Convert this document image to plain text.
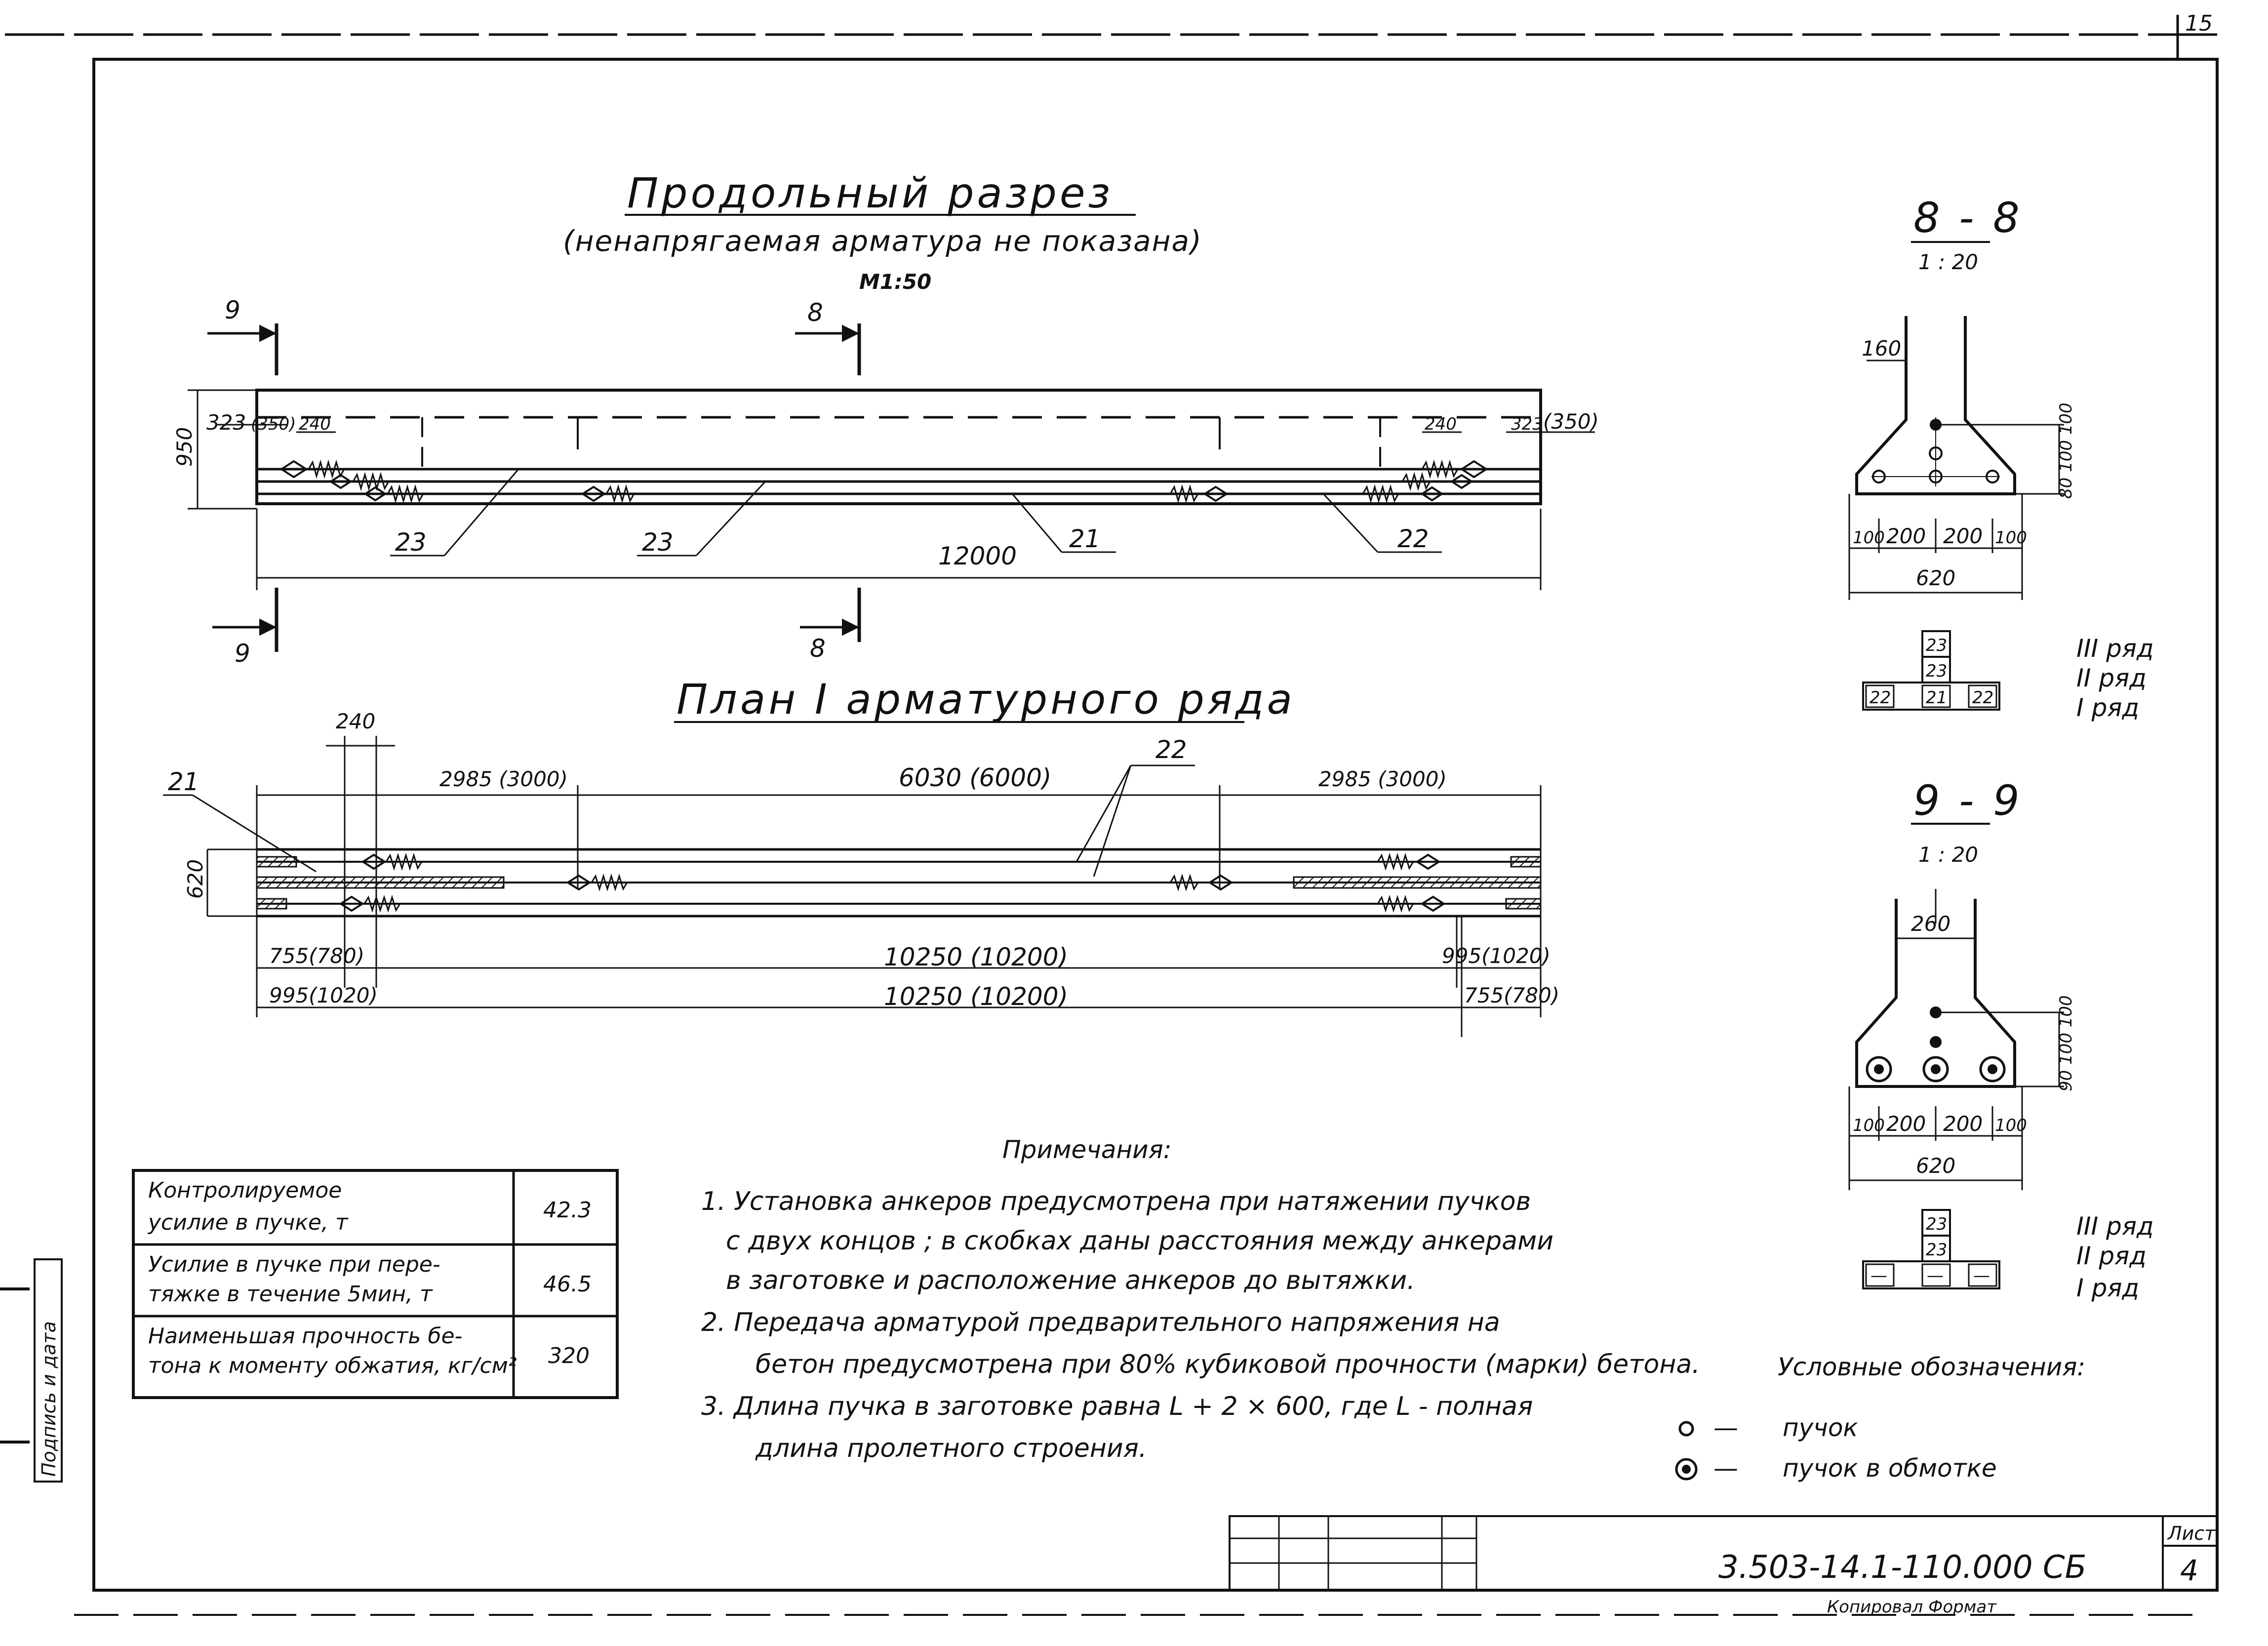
15
Подпись и дата
Продольный разрез
(ненапрягаемая арматура не показана)
М1:50
9	8
950
323 (350) 240	240	323 (350)
23	23	21	22
12000
9	8
План I арматурного ряда
240
21
22
2985 (3000)	6030 (6000)	2985 (3000)
620
755(780)	10250 (10200)	995(1020)
995(1020)	10250 (10200)	755(780)
8 - 8
1 : 20
160
80 100 100
100 200 200 100
620
23
23
22 21 22
III ряд
II ряд
I ряд
9 - 9
1 : 20
260
90 100 100
100 200 200 100
620
23
23
— — —
III ряд
II ряд
I ряд
Контролируемое
усилие в пучке, т	42.3
Усилие в пучке при пере-
тяжке в течение 5мин, т	46.5
Наименьшая прочность бе-
тона к моменту обжатия, кг/см² 320
Примечания:
1. Установка анкеров предусмотрена при натяжении пучков
с двух концов ; в скобках даны расстояния между анкерами
в заготовке и расположение анкеров до вытяжки.
2. Передача арматурой предварительного напряжения на
бетон предусмотрена при 80% кубиковой прочности (марки) бетона.
3. Длина пучка в заготовке равна L + 2 × 600, где L - полная
длина пролетного строения.
Условные обозначения:
— пучок
— пучок в обмотке
3.503-14.1-110.000 СБ
Лист
4
Копировал Формат
